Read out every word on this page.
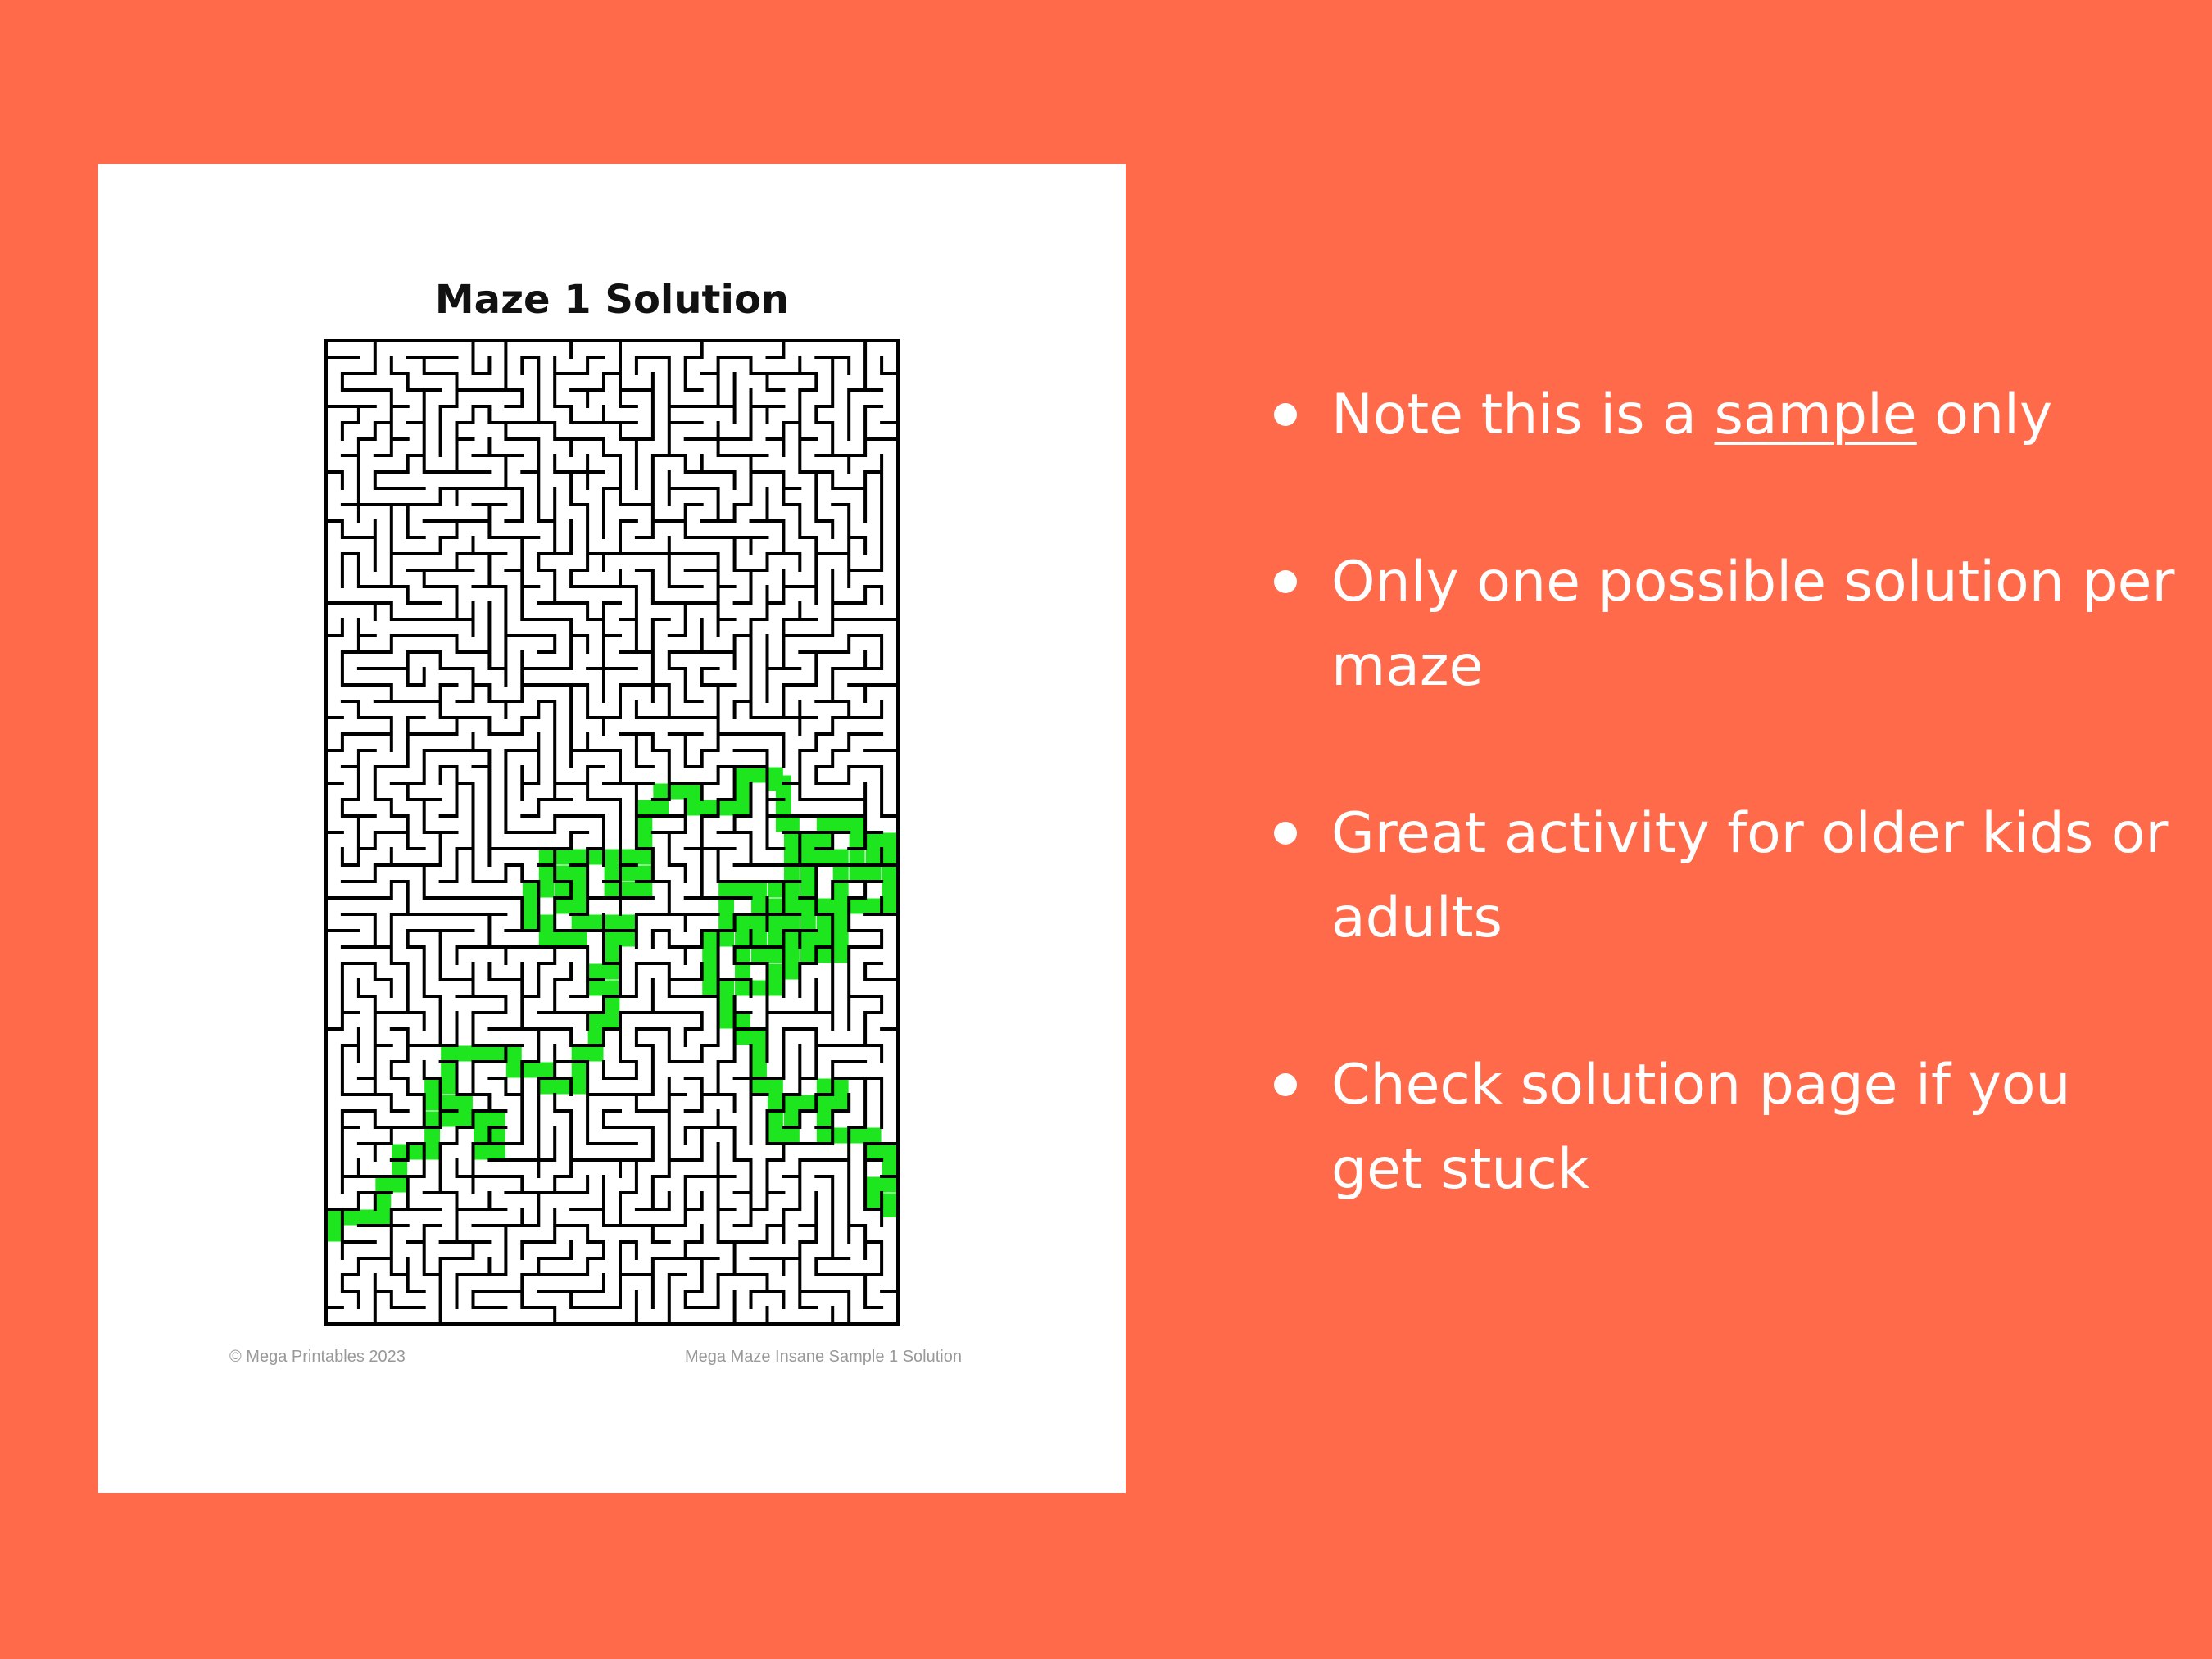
Maze 1 Solution
© Mega Printables 2023	Mega Maze Insane Sample 1 Solution
Note this is a sample only
Only one possible solution per maze
Great activity for older kids or adults
Check solution page if you get stuck
